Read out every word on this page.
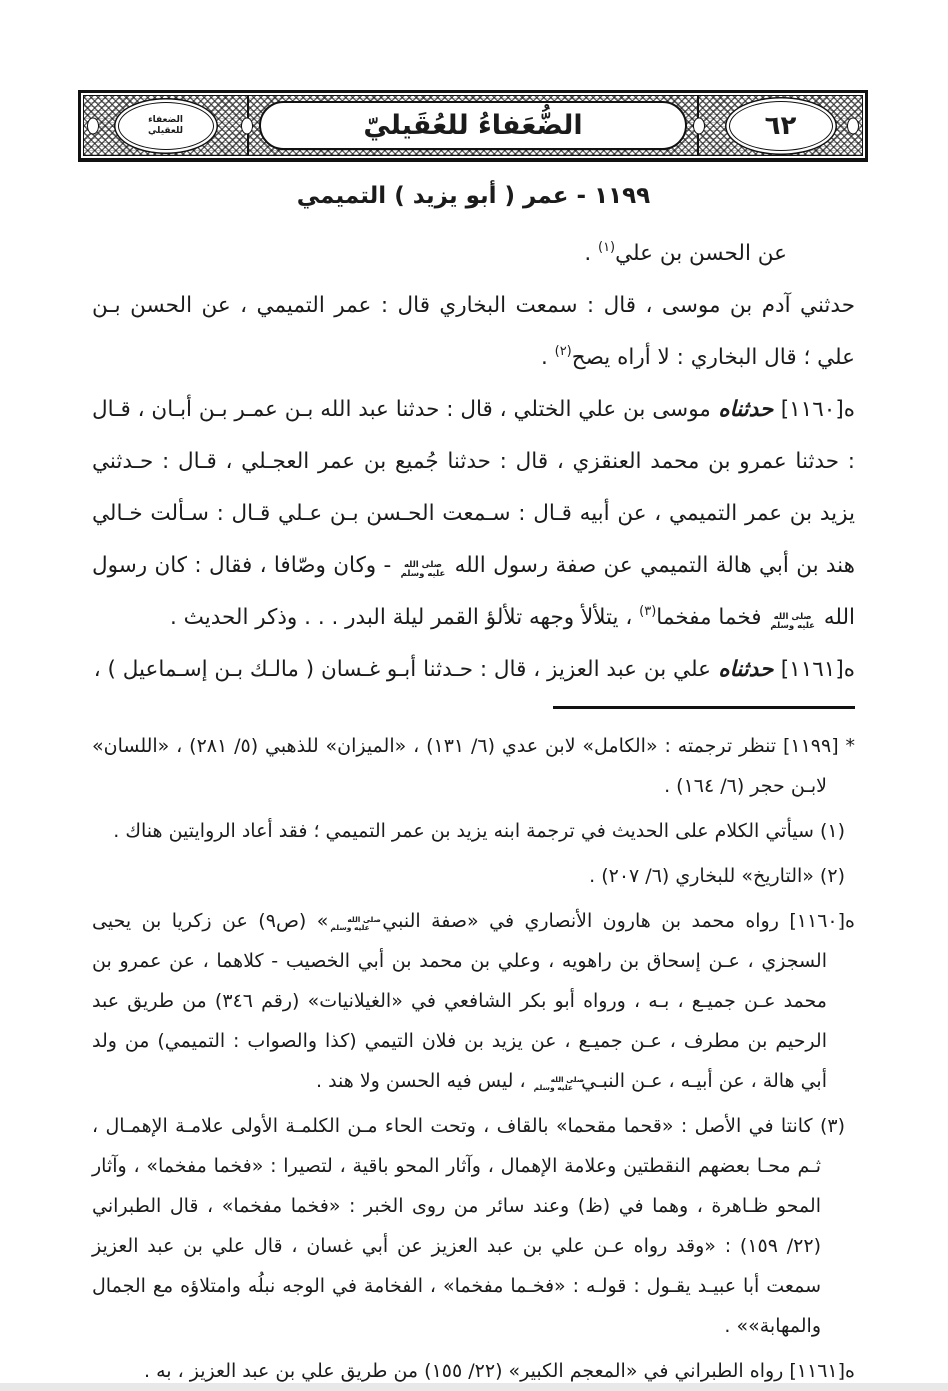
الضعفاء
للعقيلي	الضُّعَفاءُ للعُقَيليّ	٦٢
١١٩٩ - عمر ( أبو يزيد ) التميمي

عن الحسن بن علي$^{(١)}$ .

حدثني آدم بن موسى ، قال : سمعت البخاري قال : عمر التميمي ، عن الحسن بـن علي ؛ قال البخاري : لا أراه يصح$^{(٢)}$ .

ه[١١٦٠] حدثناه موسى بن علي الختلي ، قال : حدثنا عبد الله بـن عمـر بـن أبـان ، قـال : حدثنا عمرو بن محمد العنقزي ، قال : حدثنا جُميع بن عمر العجـلي ، قـال : حـدثني يزيد بن عمر التميمي ، عن أبيه قـال : سـمعت الحـسن بـن عـلي قـال : سـألت خـالي هند بن أبي هالة التميمي عن صفة رسول الله صلى الله
عليه وسلم - وكان وصّافا ، فقال : كان رسول الله صلى الله
عليه وسلم فخما مفخما$^{(٣)}$ ، يتلألأ وجهه تلألؤ القمر ليلة البدر . . . وذكر الحديث .

ه[١١٦١] حدثناه علي بن عبد العزيز ، قال : حـدثنا أبـو غـسان ( مالـك بـن إسـماعيل ) ،

* [١١٩٩] تنظر ترجمته : «الكامل» لابن عدي (٦/ ١٣١) ، «الميزان» للذهبي (٥/ ٢٨١) ، «اللسان» لابـن حجر (٦/ ١٦٤) .

(١) سيأتي الكلام على الحديث في ترجمة ابنه يزيد بن عمر التميمي ؛ فقد أعاد الروايتين هناك .

(٢) «التاريخ» للبخاري (٦/ ٢٠٧) .

ه[١١٦٠] رواه محمد بن هارون الأنصاري في «صفة النبي صلى الله
عليه وسلم» (ص٩) عن زكريا بن يحيى السجزي ، عـن إسحاق بن راهويه ، وعلي بن محمد بن أبي الخصيب - كلاهما ، عن عمرو بن محمد عـن جميـع ، بـه ، ورواه أبو بكر الشافعي في «الغيلانيات» (رقم ٣٤٦) من طريق عبد الرحيم بن مطرف ، عـن جميـع ، عن يزيد بن فلان التيمي (كذا والصواب : التميمي) من ولد أبي هالة ، عن أبيـه ، عـن النبـي صلى الله
عليه وسلم ، ليس فيه الحسن ولا هند .

(٣) كانتا في الأصل : «قحما مقحما» بالقاف ، وتحت الحاء مـن الكلمـة الأولى علامـة الإهمـال ، ثـم محـا بعضهم النقطتين وعلامة الإهمال ، وآثار المحو باقية ، لتصيرا : «فخما مفخما» ، وآثار المحو ظـاهرة ، وهما في (ظ) وعند سائر من روى الخبر : «فخما مفخما» ، قال الطبراني (٢٢/ ١٥٩) : «وقد رواه عـن علي بن عبد العزيز عن أبي غسان ، قال علي بن عبد العزيز سمعت أبا عبيـد يقـول : قولـه : «فخـما مفخما» ، الفخامة في الوجه نبلُه وامتلاؤه مع الجمال والمهابة»» .

ه[١١٦١] رواه الطبراني في «المعجم الكبير» (٢٢/ ١٥٥) من طريق علي بن عبد العزيز ، به .
